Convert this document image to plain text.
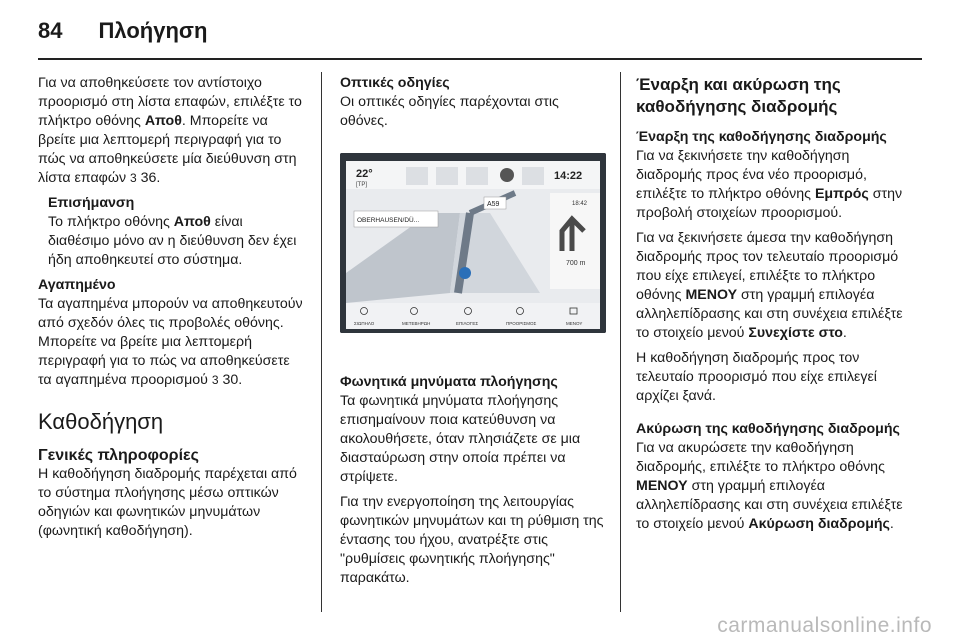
84 Πλοήγηση

Για να αποθηκεύσετε τον αντίστοιχο προορισμό στη λίστα επαφών, επιλέξτε το πλήκτρο οθόνης Αποθ. Μπορείτε να βρείτε μια λεπτομερή περιγραφή για το πώς να αποθηκεύσετε μία διεύθυνση στη λίστα επαφών 3 36.

Επισήμανση

Το πλήκτρο οθόνης Αποθ είναι διαθέσιμο μόνο αν η διεύθυνση δεν έχει ήδη αποθηκευτεί στο σύστημα.

Αγαπημένο

Τα αγαπημένα μπορούν να αποθηκευτούν από σχεδόν όλες τις προβολές οθόνης. Μπορείτε να βρείτε μια λεπτομερή περιγραφή για το πώς να αποθηκεύσετε τα αγαπημένα προορισμού 3 30.

Καθοδήγηση
Γενικές πληροφορίες

Η καθοδήγηση διαδρομής παρέχεται από το σύστημα πλοήγησης μέσω οπτικών οδηγιών και φωνητικών μηνυμάτων (φωνητική καθοδήγηση).

Οπτικές οδηγίες

Οι οπτικές οδηγίες παρέχονται στις οθόνες.

22°
[TP]
14:22
OBERHAUSEN/DÜ...
A59	18:42
700 m
ΣΙΩΠΗΛΟ	ΜΕΤΕΒΗΡΩΗ	ΕΠΙΛΟΓΕΣ	ΠΡΟΟΡΙΣΜΟΣ	ΜΕΝΟΥ
Φωνητικά μηνύματα πλοήγησης

Τα φωνητικά μηνύματα πλοήγησης επισημαίνουν ποια κατεύθυνση να ακολουθήσετε, όταν πλησιάζετε σε μια διασταύρωση στην οποία πρέπει να στρίψετε.

Για την ενεργοποίηση της λειτουργίας φωνητικών μηνυμάτων και τη ρύθμιση της έντασης του ήχου, ανατρέξτε στις "ρυθμίσεις φωνητικής πλοήγησης" παρακάτω.

Έναρξη και ακύρωση της καθοδήγησης διαδρομής
Έναρξη της καθοδήγησης διαδρομής

Για να ξεκινήσετε την καθοδήγηση διαδρομής προς ένα νέο προορισμό, επιλέξτε το πλήκτρο οθόνης Εμπρός στην προβολή στοιχείων προορισμού.

Για να ξεκινήσετε άμεσα την καθοδήγηση διαδρομής προς τον τελευταίο προορισμό που είχε επιλεγεί, επιλέξτε το πλήκτρο οθόνης ΜΕΝΟΥ στη γραμμή επιλογέα αλληλεπίδρασης και στη συνέχεια επιλέξτε το στοιχείο μενού Συνεχίστε στο.

Η καθοδήγηση διαδρομής προς τον τελευταίο προορισμό που είχε επιλεγεί αρχίζει ξανά.

Ακύρωση της καθοδήγησης διαδρομής

Για να ακυρώσετε την καθοδήγηση διαδρομής, επιλέξτε το πλήκτρο οθόνης ΜΕΝΟΥ στη γραμμή επιλογέα αλληλεπίδρασης και στη συνέχεια επιλέξτε το στοιχείο μενού Ακύρωση διαδρομής.

carmanualsonline.info
